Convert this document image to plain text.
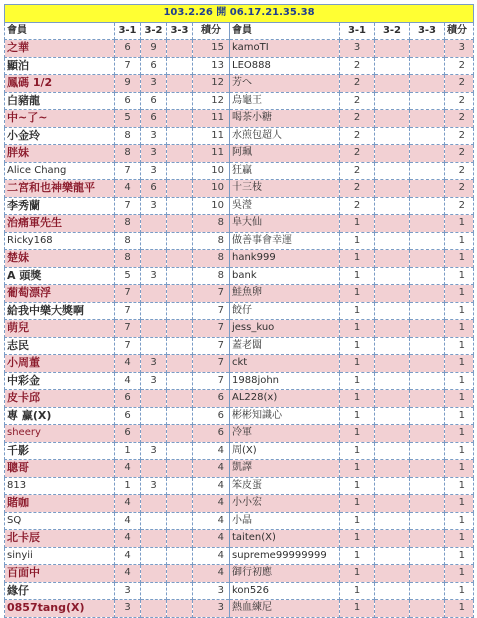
103.2.26 開 06.17.21.35.38									
會員	3-1	3-2	3-3	積分	會員	3-1	3-2	3-3	積分
之華	6	9		15	kamoTI	3			3
顯泊	7	6		13	LEO888	2			2
鳳碼 1/2	9	3		12	芳へ	2			2
白豬龍	6	6		12	烏龜王	2			2
中~了~	5	6		11	喝茶小糖	2			2
小金玲	8	3		11	水煎包超人	2			2
胖妹	8	3		11	阿珮	2			2
Alice Chang	7	3		10	狂贏	2			2
二宮和也神樂龍平	4	6		10	十三枝	2			2
李秀蘭	7	3		10	吳瀅	2			2
治痛軍先生	8			8	阜大仙	1			1
Ricky168	8			8	做善事會幸運	1			1
楚妹	8			8	hank999	1			1
A 頭獎	5	3		8	bank	1			1
葡萄漂浮	7			7	鮭魚卵	1			1
給我中樂大獎啊	7			7	餃仔	1			1
萌兒	7			7	jess_kuo	1			1
志民	7			7	蓋老闆	1			1
小周董	4	3		7	ckt	1			1
中彩金	4	3		7	1988john	1			1
皮卡邱	6			6	AL228(x)	1			1
專 赢(X)	6			6	彬彬知識心	1			1
sheery	6			6	冷軍	1			1
千影	1	3		4	周(X)	1			1
聰哥	4			4	凱譯	1			1
813	1	3		4	笨皮蛋	1			1
賭咖	4			4	小小宏	1			1
SQ	4			4	小晶	1			1
北卡辰	4			4	taiten(X)	1			1
sinyii	4			4	supreme99999999	1			1
百面中	4			4	御行初應	1			1
緣仔	3			3	kon526	1			1
0857tang(X)	3			3	熱血練尼	1			1
